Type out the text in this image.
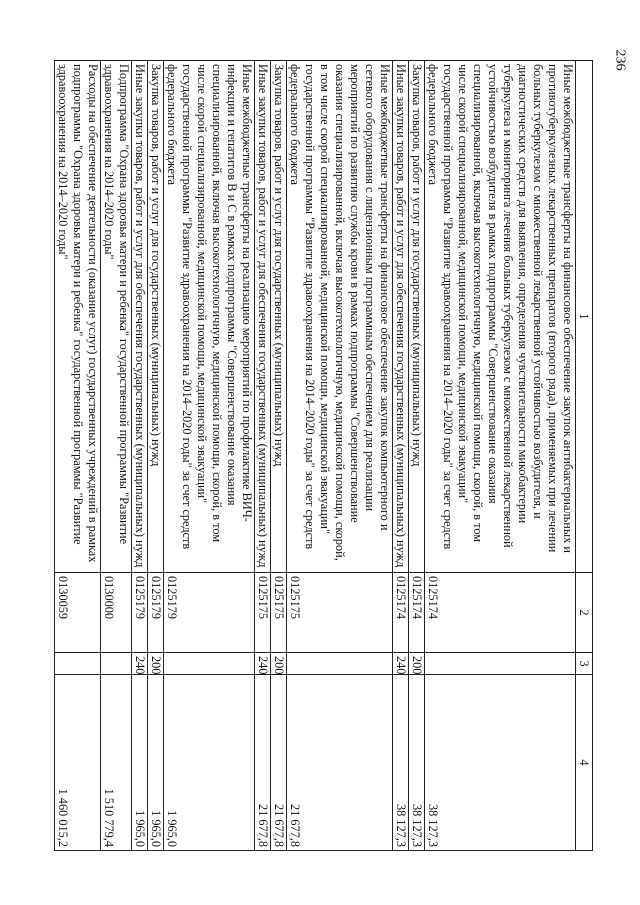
236
1	2	3	4
Иные межбюджетные трансферты на финансовое обеспечение закупок антибактериальных и противотуберкулезных лекарственных препаратов (второго ряда), применяемых при лечении больных туберкулезом с множественной лекарственной устойчивостью возбудителя, и диагностических средств для выявления, определения чувствительности микобактерии туберкулеза и мониторинга лечения больных туберкулезом с множественной лекарственной устойчивостью возбудителя в рамках подпрограммы "Совершенствование оказания специализированной, включая высокотехнологичную, медицинской помощи, скорой, в том числе скорой специализированной, медицинской помощи, медицинской эвакуации" государственной программы "Развитие здравоохранения на 2014–2020 годы" за счет средств федерального бюджета	0125174		38 127,3
Закупка товаров, работ и услуг для государственных (муниципальных) нужд	0125174	200	38 127,3
Иные закупки товаров, работ и услуг для обеспечения государственных (муниципальных) нужд	0125174	240	38 127,3
Иные межбюджетные трансферты на финансовое обеспечение закупок компьютерного и сетевого оборудования с лицензионным программным обеспечением для реализации мероприятий по развитию службы крови в рамках подпрограммы "Совершенствование оказания специализированной, включая высокотехнологичную, медицинской помощи, скорой, в том числе скорой специализированной, медицинской помощи, медицинской эвакуации" государственной программы "Развитие здравоохранения на 2014–2020 годы" за счет средств федерального бюджета	0125175		21 677,8
Закупка товаров, работ и услуг для государственных (муниципальных) нужд	0125175	200	21 677,8
Иные закупки товаров, работ и услуг для обеспечения государственных (муниципальных) нужд	0125175	240	21 677,8
Иные межбюджетные трансферты на реализацию мероприятий по профилактике ВИЧ-инфекции и гепатитов В и С в рамках подпрограммы "Совершенствование оказания специализированной, включая высокотехнологичную, медицинской помощи, скорой, в том числе скорой специализированной, медицинской помощи, медицинской эвакуации" государственной программы "Развитие здравоохранения на 2014–2020 годы" за счет средств федерального бюджета	0125179		1 965,0
Закупка товаров, работ и услуг для государственных (муниципальных) нужд	0125179	200	1 965,0
Иные закупки товаров, работ и услуг для обеспечения государственных (муниципальных) нужд	0125179	240	1 965,0
Подпрограмма "Охрана здоровья матери и ребенка" государственной программы "Развитие здравоохранения на 2014–2020 годы"	0130000		1 510 779,4
Расходы на обеспечение деятельности (оказание услуг) государственных учреждений в рамках подпрограммы "Охрана здоровья матери и ребенка" государственной программы "Развитие здравоохранения на 2014–2020 годы"	0130059		1 460 015,2
